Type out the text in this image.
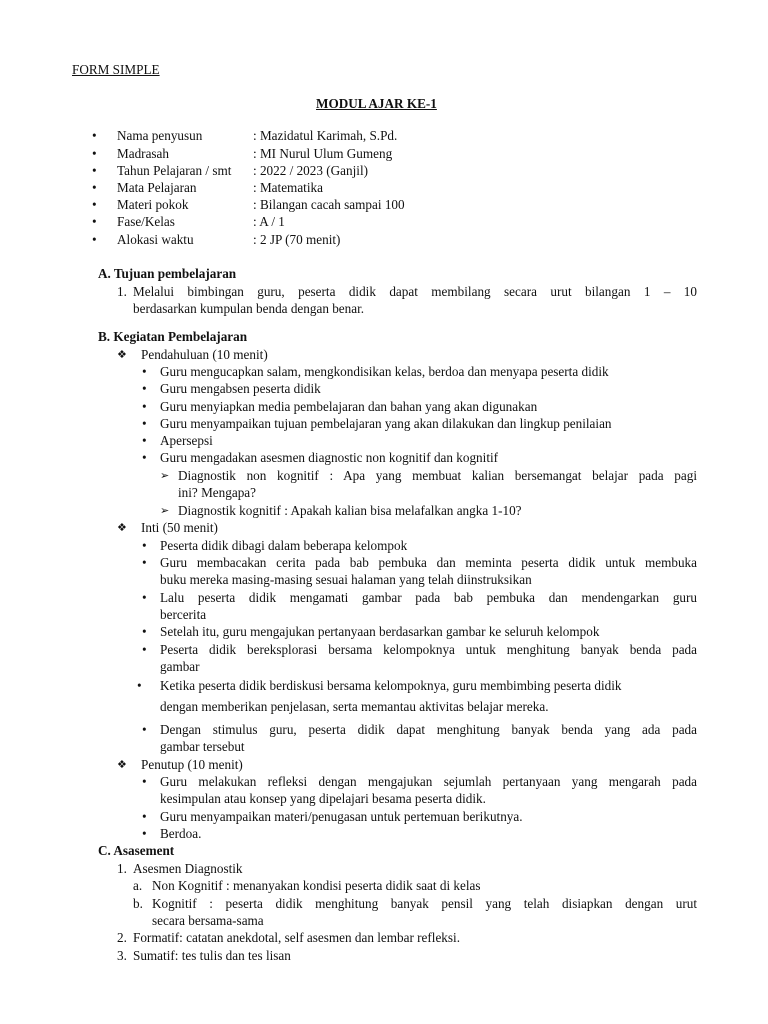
FORM SIMPLE
MODUL AJAR KE-1
•
Nama penyusun	: Mazidatul Karimah, S.Pd.
•
Madrasah	: MI Nurul Ulum Gumeng
•
Tahun Pelajaran / smt : 2022 / 2023 (Ganjil)
•
Mata Pelajaran	: Matematika
•
Materi pokok	: Bilangan cacah sampai 100
•
Fase/Kelas	: A / 1
•
Alokasi waktu	: 2 JP (70 menit)
A. Tujuan pembelajaran
1. Melalui bimbingan guru, peserta didik dapat membilang secara urut bilangan 1 – 10
berdasarkan kumpulan benda dengan benar.
B. Kegiatan Pembelajaran
❖ Pendahuluan (10 menit)
•
Guru mengucapkan salam, mengkondisikan kelas, berdoa dan menyapa peserta didik
•
Guru mengabsen peserta didik
•
Guru menyiapkan media pembelajaran dan bahan yang akan digunakan
•
Guru menyampaikan tujuan pembelajaran yang akan dilakukan dan lingkup penilaian
•
Apersepsi
•
Guru mengadakan asesmen diagnostic non kognitif dan kognitif
➢ Diagnostik non kognitif : Apa yang membuat kalian bersemangat belajar pada pagi
ini? Mengapa?
➢ Diagnostik kognitif : Apakah kalian bisa melafalkan angka 1-10?
❖ Inti (50 menit)
•
Peserta didik dibagi dalam beberapa kelompok
•
Guru membacakan cerita pada bab pembuka dan meminta peserta didik untuk membuka
buku mereka masing-masing sesuai halaman yang telah diinstruksikan
•
Lalu peserta didik mengamati gambar pada bab pembuka dan mendengarkan guru
bercerita
•
Setelah itu, guru mengajukan pertanyaan berdasarkan gambar ke seluruh kelompok
•
Peserta didik bereksplorasi bersama kelompoknya untuk menghitung banyak benda pada
gambar
•
Ketika peserta didik berdiskusi bersama kelompoknya, guru membimbing peserta didik
dengan memberikan penjelasan, serta memantau aktivitas belajar mereka.
•
Dengan stimulus guru, peserta didik dapat menghitung banyak benda yang ada pada
gambar tersebut
❖ Penutup (10 menit)
•
Guru melakukan refleksi dengan mengajukan sejumlah pertanyaan yang mengarah pada
kesimpulan atau konsep yang dipelajari besama peserta didik.
•
Guru menyampaikan materi/penugasan untuk pertemuan berikutnya.
•
Berdoa.
C. Asasement
1. Asesmen Diagnostik
a. Non Kognitif : menanyakan kondisi peserta didik saat di kelas
b. Kognitif : peserta didik menghitung banyak pensil yang telah disiapkan dengan urut
secara bersama-sama
2. Formatif: catatan anekdotal, self asesmen dan lembar refleksi.
3. Sumatif: tes tulis dan tes lisan
